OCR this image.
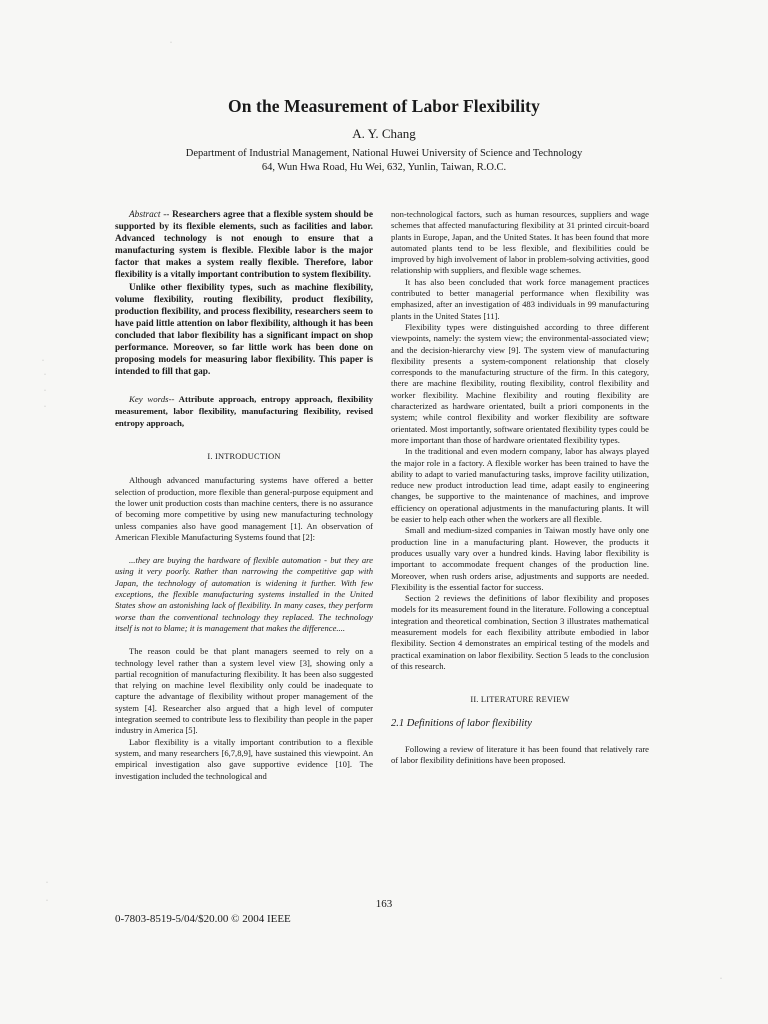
On the Measurement of Labor Flexibility
A. Y. Chang
Department of Industrial Management, National Huwei University of Science and Technology
64, Wun Hwa Road, Hu Wei, 632, Yunlin, Taiwan, R.O.C.

Abstract -- Researchers agree that a flexible system should be supported by its flexible elements, such as facilities and labor. Advanced technology is not enough to ensure that a manufacturing system is flexible. Flexible labor is the major factor that makes a system really flexible. Therefore, labor flexibility is a vitally important contribution to system flexibility.

Unlike other flexibility types, such as machine flexibility, volume flexibility, routing flexibility, product flexibility, production flexibility, and process flexibility, researchers seem to have paid little attention on labor flexibility, although it has been concluded that labor flexibility has a significant impact on shop performance. Moreover, so far little work has been done on proposing models for measuring labor flexibility. This paper is intended to fill that gap.

Key words-- Attribute approach, entropy approach, flexibility measurement, labor flexibility, manufacturing flexibility, revised entropy approach,

I. INTRODUCTION

Although advanced manufacturing systems have offered a better selection of production, more flexible than general-purpose equipment and the lower unit production costs than machine centers, there is no assurance of becoming more competitive by using new manufacturing technology unless companies also have good management [1]. An observation of American Flexible Manufacturing Systems found that [2]:

...they are buying the hardware of flexible automation - but they are using it very poorly. Rather than narrowing the competitive gap with Japan, the technology of automation is widening it further. With few exceptions, the flexible manufacturing systems installed in the United States show an astonishing lack of flexibility. In many cases, they perform worse than the conventional technology they replaced. The technology itself is not to blame; it is management that makes the difference....

The reason could be that plant managers seemed to rely on a technology level rather than a system level view [3], showing only a partial recognition of manufacturing flexibility. It has been also suggested that relying on machine level flexibility only could be inadequate to capture the advantage of flexibility without proper management of the system [4]. Researcher also argued that a high level of computer integration seemed to contribute less to flexibility than people in the paper industry in America [5].

Labor flexibility is a vitally important contribution to a flexible system, and many researchers [6,7,8,9], have sustained this viewpoint. An empirical investigation also gave supportive evidence [10]. The investigation included the technological and

non-technological factors, such as human resources, suppliers and wage schemes that affected manufacturing flexibility at 31 printed circuit-board plants in Europe, Japan, and the United States. It has been found that more automated plants tend to be less flexible, and flexibilities could be improved by high involvement of labor in problem-solving activities, good relationship with suppliers, and flexible wage schemes.

It has also been concluded that work force management practices contributed to better managerial performance when flexibility was emphasized, after an investigation of 483 individuals in 99 manufacturing plants in the United States [11].

Flexibility types were distinguished according to three different viewpoints, namely: the system view; the environmental-associated view; and the decision-hierarchy view [9]. The system view of manufacturing flexibility presents a system-component relationship that closely corresponds to the manufacturing structure of the firm. In this category, there are machine flexibility, routing flexibility, control flexibility and worker flexibility. Machine flexibility and routing flexibility are characterized as hardware orientated, built a priori components in the system; while control flexibility and worker flexibility are software orientated. Most importantly, software orientated flexibility types could be more important than those of hardware orientated flexibility types.

In the traditional and even modern company, labor has always played the major role in a factory. A flexible worker has been trained to have the ability to adapt to varied manufacturing tasks, improve facility utilization, reduce new product introduction lead time, adapt easily to engineering changes, be supportive to the maintenance of machines, and improve efficiency on operational adjustments in the manufacturing plants. It will be easier to help each other when the workers are all flexible.

Small and medium-sized companies in Taiwan mostly have only one production line in a manufacturing plant. However, the products it produces usually vary over a hundred kinds. Having labor flexibility is important to accommodate frequent changes of the production line. Moreover, when rush orders arise, adjustments and supports are needed. Flexibility is the essential factor for success.

Section 2 reviews the definitions of labor flexibility and proposes models for its measurement found in the literature. Following a conceptual integration and theoretical combination, Section 3 illustrates mathematical measurement models for each flexibility attribute embodied in labor flexibility. Section 4 demonstrates an empirical testing of the models and practical examination on labor flexibility. Section 5 leads to the conclusion of this research.

II. LITERATURE REVIEW
2.1 Definitions of labor flexibility

Following a review of literature it has been found that relatively rare of labor flexibility definitions have been proposed.

163
0-7803-8519-5/04/$20.00 © 2004 IEEE
·
·
·
·
·
·
·
·
